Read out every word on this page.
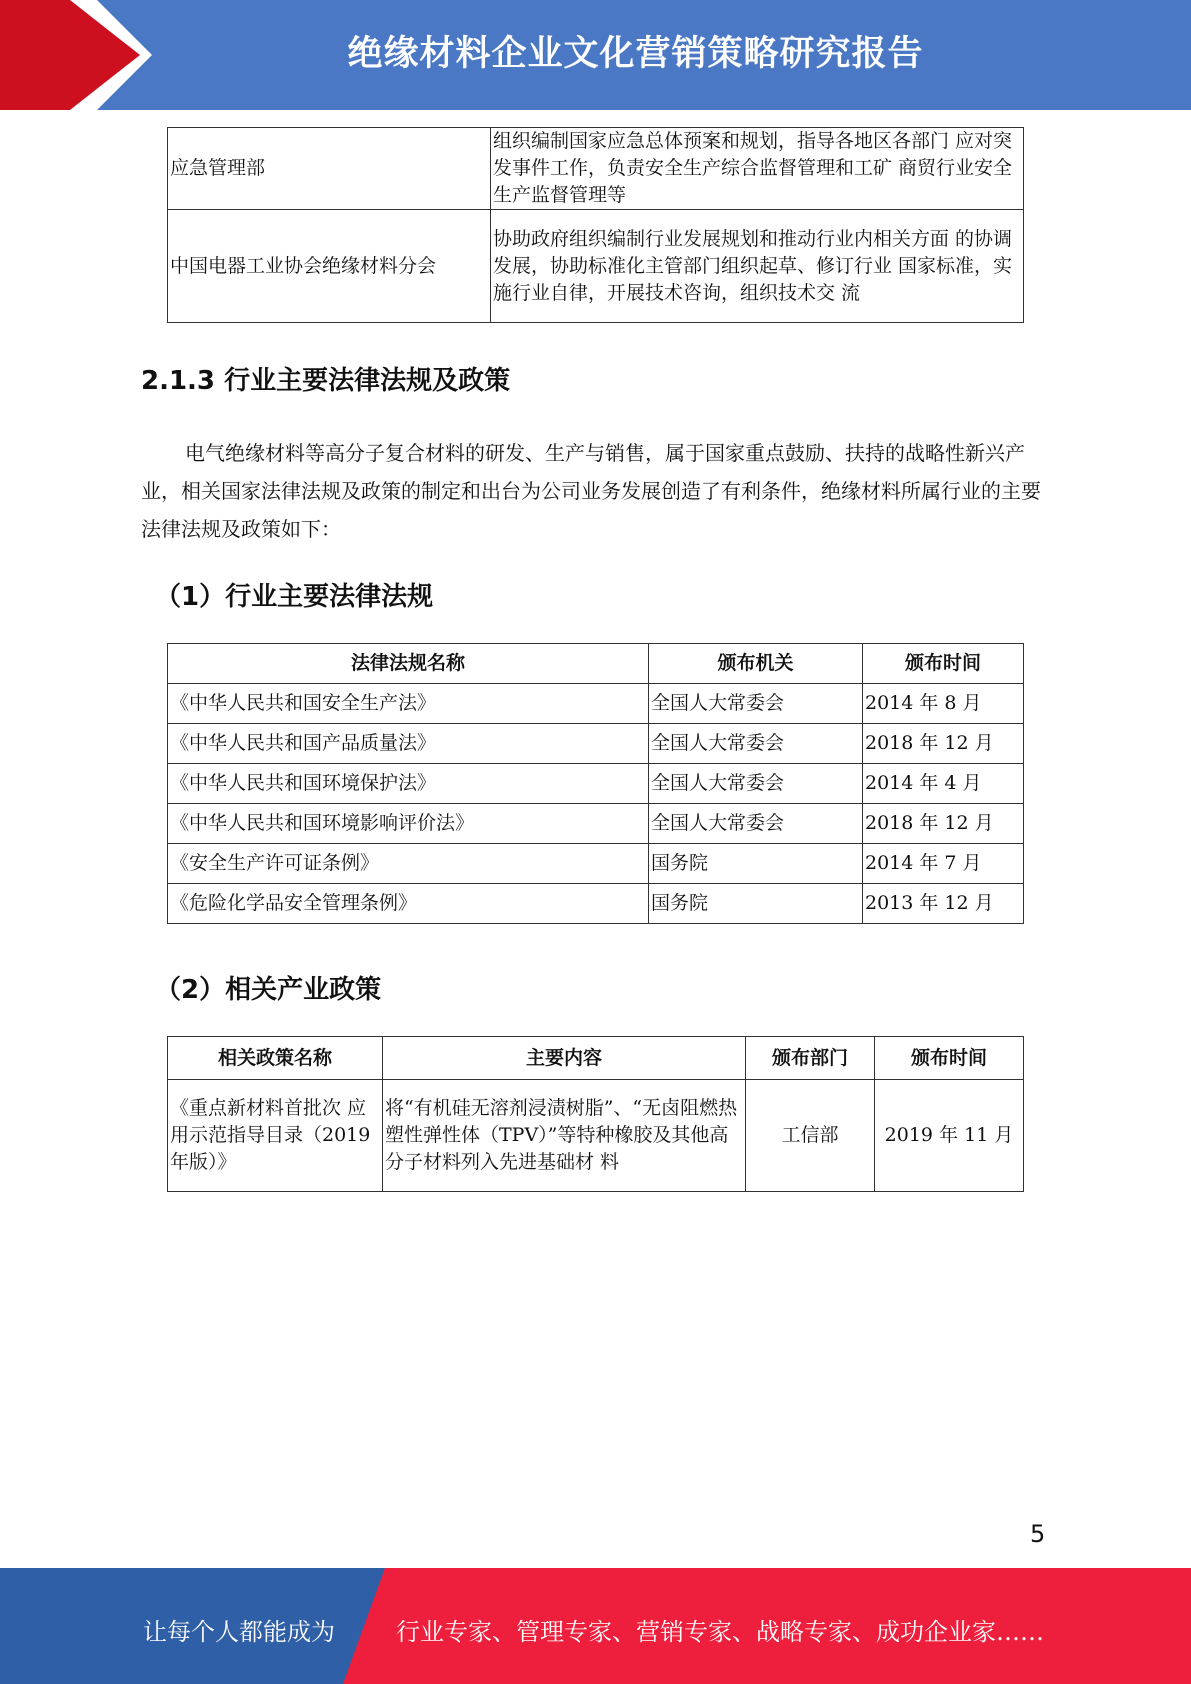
绝缘材料企业文化营销策略研究报告
应急管理部	组织编制国家应急总体预案和规划，指导各地区各部门 应对突发事件工作，负责安全生产综合监督管理和工矿 商贸行业安全生产监督管理等
中国电器工业协会绝缘材料分会	协助政府组织编制行业发展规划和推动行业内相关方面 的协调发展，协助标准化主管部门组织起草、修订行业 国家标准，实施行业自律，开展技术咨询，组织技术交 流
2.1.3 行业主要法律法规及政策
电气绝缘材料等高分子复合材料的研发、生产与销售，属于国家重点鼓励、扶持的战略性新兴产业，相关国家法律法规及政策的制定和出台为公司业务发展创造了有利条件，绝缘材料所属行业的主要法律法规及政策如下：
（1）行业主要法律法规
法律法规名称	颁布机关	颁布时间
《中华人民共和国安全生产法》	全国人大常委会	2014 年 8 月
《中华人民共和国产品质量法》	全国人大常委会	2018 年 12 月
《中华人民共和国环境保护法》	全国人大常委会	2014 年 4 月
《中华人民共和国环境影响评价法》	全国人大常委会	2018 年 12 月
《安全生产许可证条例》	国务院	2014 年 7 月
《危险化学品安全管理条例》	国务院	2013 年 12 月
（2）相关产业政策
相关政策名称	主要内容	颁布部门	颁布时间
《重点新材料首批次 应用示范指导目录（2019 年版）》	将“有机硅无溶剂浸渍树脂”、“无卤阻燃热塑性弹性体（TPV）”等特种橡胶及其他高分子材料列入先进基础材 料	工信部	2019 年 11 月
5
让每个人都能成为	行业专家、管理专家、营销专家、战略专家、成功企业家……
